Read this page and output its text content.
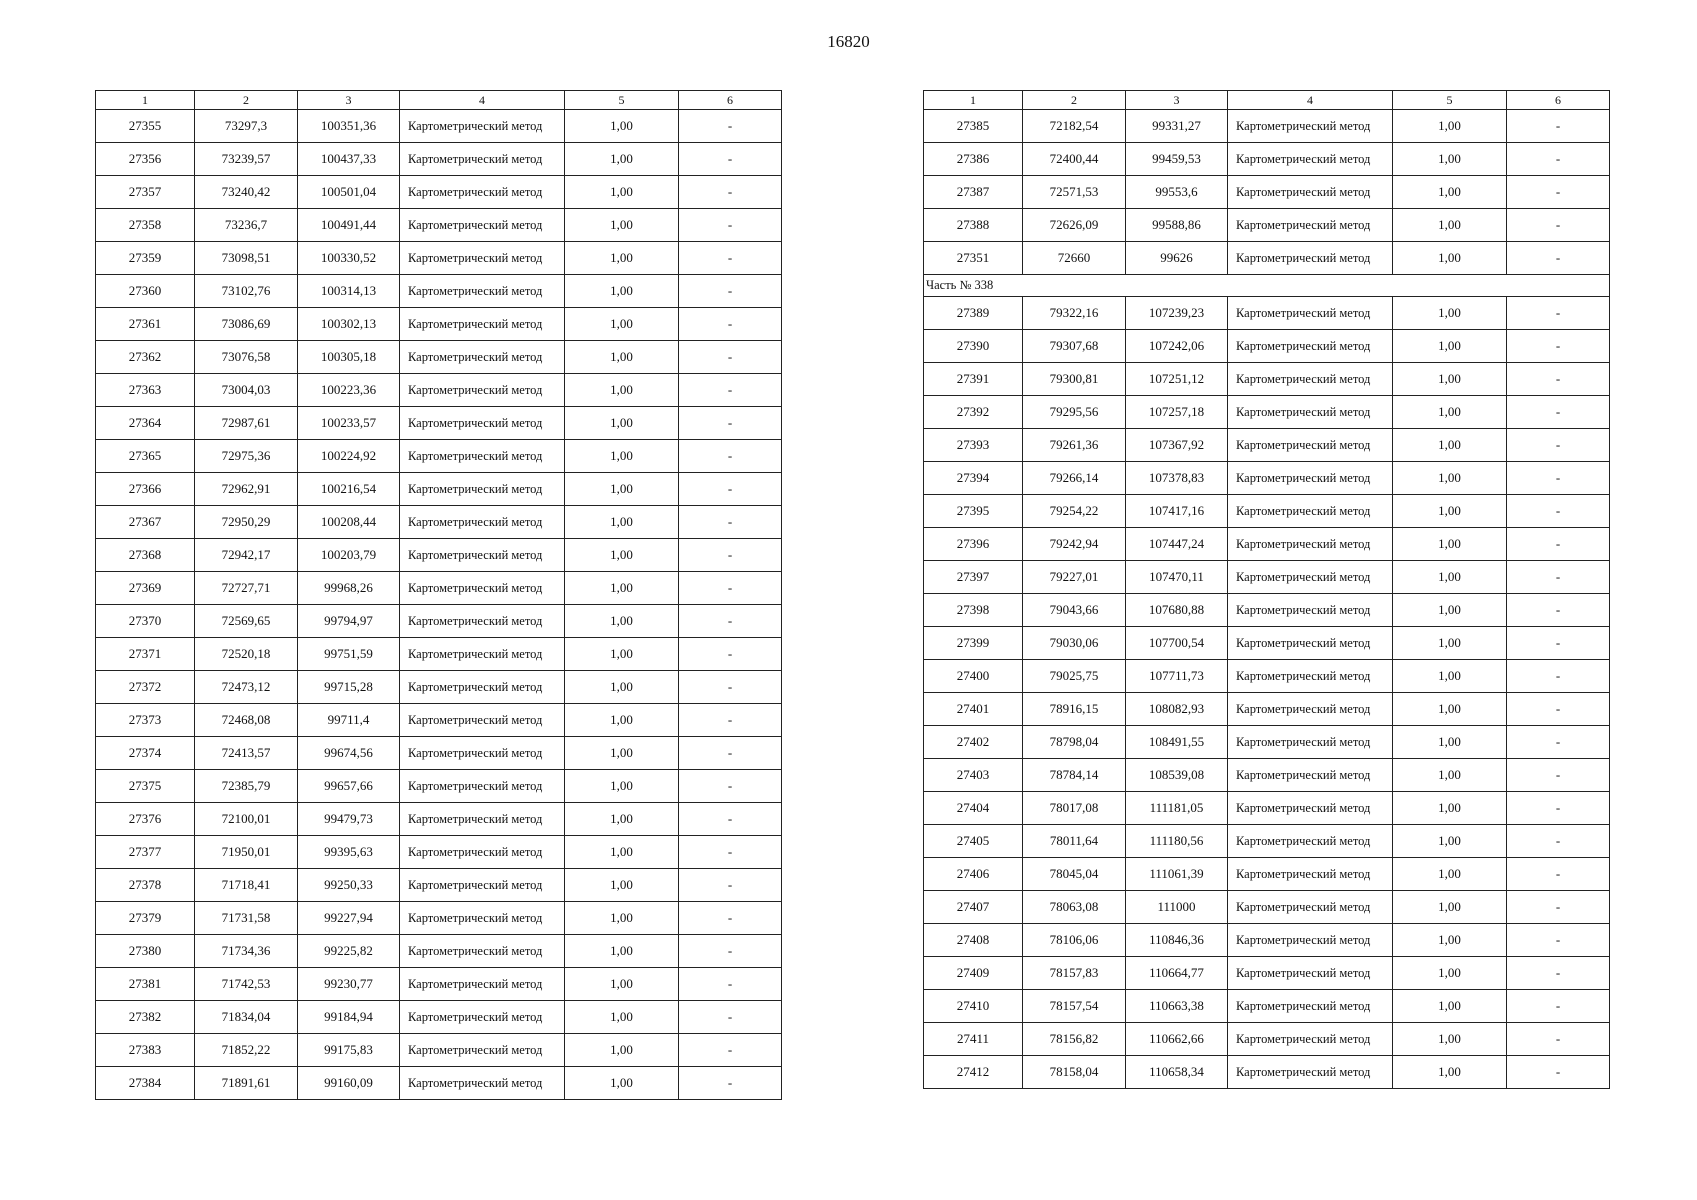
16820
1	2	3	4	5	6
27355	73297,3	100351,36	Картометрический метод	1,00	-
27356	73239,57	100437,33	Картометрический метод	1,00	-
27357	73240,42	100501,04	Картометрический метод	1,00	-
27358	73236,7	100491,44	Картометрический метод	1,00	-
27359	73098,51	100330,52	Картометрический метод	1,00	-
27360	73102,76	100314,13	Картометрический метод	1,00	-
27361	73086,69	100302,13	Картометрический метод	1,00	-
27362	73076,58	100305,18	Картометрический метод	1,00	-
27363	73004,03	100223,36	Картометрический метод	1,00	-
27364	72987,61	100233,57	Картометрический метод	1,00	-
27365	72975,36	100224,92	Картометрический метод	1,00	-
27366	72962,91	100216,54	Картометрический метод	1,00	-
27367	72950,29	100208,44	Картометрический метод	1,00	-
27368	72942,17	100203,79	Картометрический метод	1,00	-
27369	72727,71	99968,26	Картометрический метод	1,00	-
27370	72569,65	99794,97	Картометрический метод	1,00	-
27371	72520,18	99751,59	Картометрический метод	1,00	-
27372	72473,12	99715,28	Картометрический метод	1,00	-
27373	72468,08	99711,4	Картометрический метод	1,00	-
27374	72413,57	99674,56	Картометрический метод	1,00	-
27375	72385,79	99657,66	Картометрический метод	1,00	-
27376	72100,01	99479,73	Картометрический метод	1,00	-
27377	71950,01	99395,63	Картометрический метод	1,00	-
27378	71718,41	99250,33	Картометрический метод	1,00	-
27379	71731,58	99227,94	Картометрический метод	1,00	-
27380	71734,36	99225,82	Картометрический метод	1,00	-
27381	71742,53	99230,77	Картометрический метод	1,00	-
27382	71834,04	99184,94	Картометрический метод	1,00	-
27383	71852,22	99175,83	Картометрический метод	1,00	-
27384	71891,61	99160,09	Картометрический метод	1,00	-
1	2	3	4	5	6
27385	72182,54	99331,27	Картометрический метод	1,00	-
27386	72400,44	99459,53	Картометрический метод	1,00	-
27387	72571,53	99553,6	Картометрический метод	1,00	-
27388	72626,09	99588,86	Картометрический метод	1,00	-
27351	72660	99626	Картометрический метод	1,00	-
Часть № 338					
27389	79322,16	107239,23	Картометрический метод	1,00	-
27390	79307,68	107242,06	Картометрический метод	1,00	-
27391	79300,81	107251,12	Картометрический метод	1,00	-
27392	79295,56	107257,18	Картометрический метод	1,00	-
27393	79261,36	107367,92	Картометрический метод	1,00	-
27394	79266,14	107378,83	Картометрический метод	1,00	-
27395	79254,22	107417,16	Картометрический метод	1,00	-
27396	79242,94	107447,24	Картометрический метод	1,00	-
27397	79227,01	107470,11	Картометрический метод	1,00	-
27398	79043,66	107680,88	Картометрический метод	1,00	-
27399	79030,06	107700,54	Картометрический метод	1,00	-
27400	79025,75	107711,73	Картометрический метод	1,00	-
27401	78916,15	108082,93	Картометрический метод	1,00	-
27402	78798,04	108491,55	Картометрический метод	1,00	-
27403	78784,14	108539,08	Картометрический метод	1,00	-
27404	78017,08	111181,05	Картометрический метод	1,00	-
27405	78011,64	111180,56	Картометрический метод	1,00	-
27406	78045,04	111061,39	Картометрический метод	1,00	-
27407	78063,08	111000	Картометрический метод	1,00	-
27408	78106,06	110846,36	Картометрический метод	1,00	-
27409	78157,83	110664,77	Картометрический метод	1,00	-
27410	78157,54	110663,38	Картометрический метод	1,00	-
27411	78156,82	110662,66	Картометрический метод	1,00	-
27412	78158,04	110658,34	Картометрический метод	1,00	-
